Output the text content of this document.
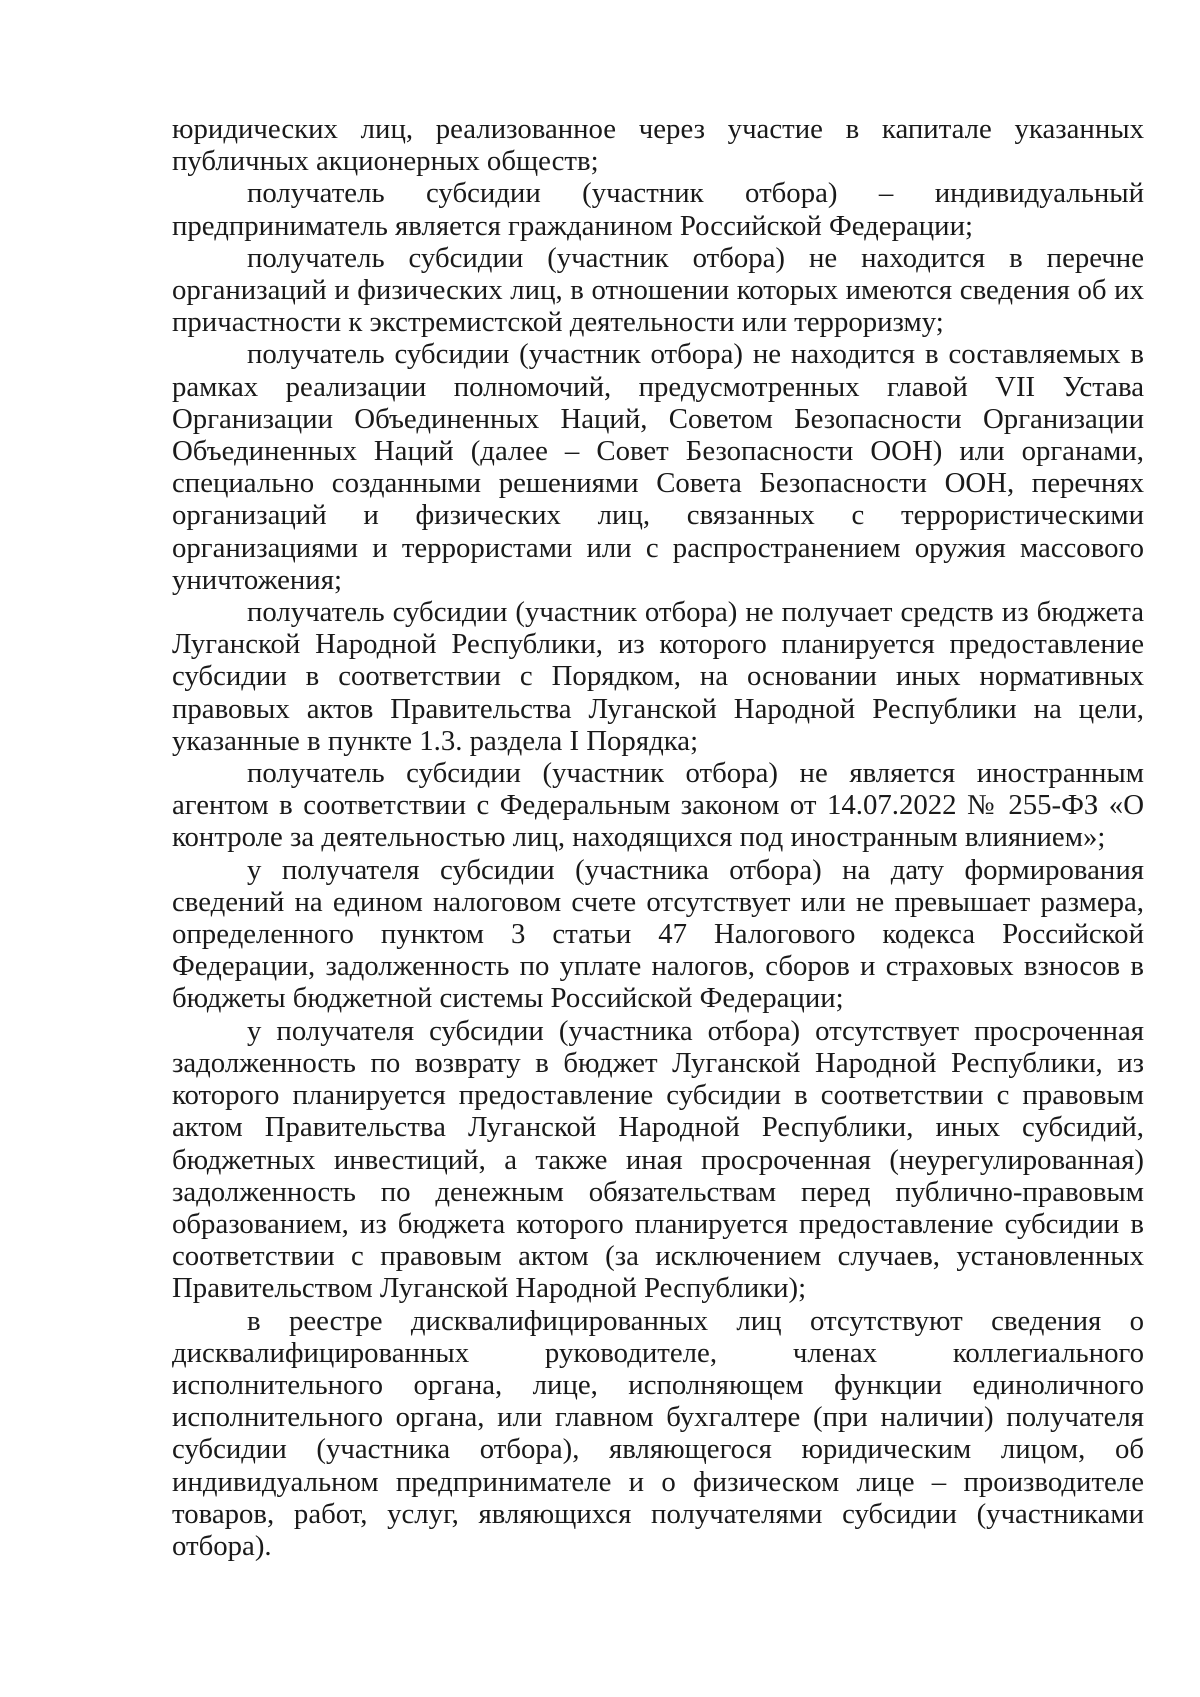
юридических лиц, реализованное через участие в капитале указанных публичных акционерных обществ;

получатель субсидии (участник отбора) – индивидуальный предприниматель является гражданином Российской Федерации;

получатель субсидии (участник отбора) не находится в перечне организаций и физических лиц, в отношении которых имеются сведения об их причастности к экстремистской деятельности или терроризму;

получатель субсидии (участник отбора) не находится в составляемых в рамках реализации полномочий, предусмотренных главой VII Устава Организации Объединенных Наций, Советом Безопасности Организации Объединенных Наций (далее – Совет Безопасности ООН) или органами, специально созданными решениями Совета Безопасности ООН, перечнях организаций и физических лиц, связанных с террористическими организациями и террористами или с распространением оружия массового уничтожения;

получатель субсидии (участник отбора) не получает средств из бюджета Луганской Народной Республики, из которого планируется предоставление субсидии в соответствии с Порядком, на основании иных нормативных правовых актов Правительства Луганской Народной Республики на цели, указанные в пункте 1.3. раздела I Порядка;

получатель субсидии (участник отбора) не является иностранным агентом в соответствии с Федеральным законом от 14.07.2022 № 255-ФЗ «О контроле за деятельностью лиц, находящихся под иностранным влиянием»;

у получателя субсидии (участника отбора) на дату формирования сведений на едином налоговом счете отсутствует или не превышает размера, определенного пунктом 3 статьи 47 Налогового кодекса Российской Федерации, задолженность по уплате налогов, сборов и страховых взносов в бюджеты бюджетной системы Российской Федерации;

у получателя субсидии (участника отбора) отсутствует просроченная задолженность по возврату в бюджет Луганской Народной Республики, из которого планируется предоставление субсидии в соответствии с правовым актом Правительства Луганской Народной Республики, иных субсидий, бюджетных инвестиций, а также иная просроченная (неурегулированная) задолженность по денежным обязательствам перед публично-правовым образованием, из бюджета которого планируется предоставление субсидии в соответствии с правовым актом (за исключением случаев, установленных Правительством Луганской Народной Республики);

в реестре дисквалифицированных лиц отсутствуют сведения о дисквалифицированных руководителе, членах коллегиального исполнительного органа, лице, исполняющем функции единоличного исполнительного органа, или главном бухгалтере (при наличии) получателя субсидии (участника отбора), являющегося юридическим лицом, об индивидуальном предпринимателе и о физическом лице – производителе товаров, работ, услуг, являющихся получателями субсидии (участниками отбора).
